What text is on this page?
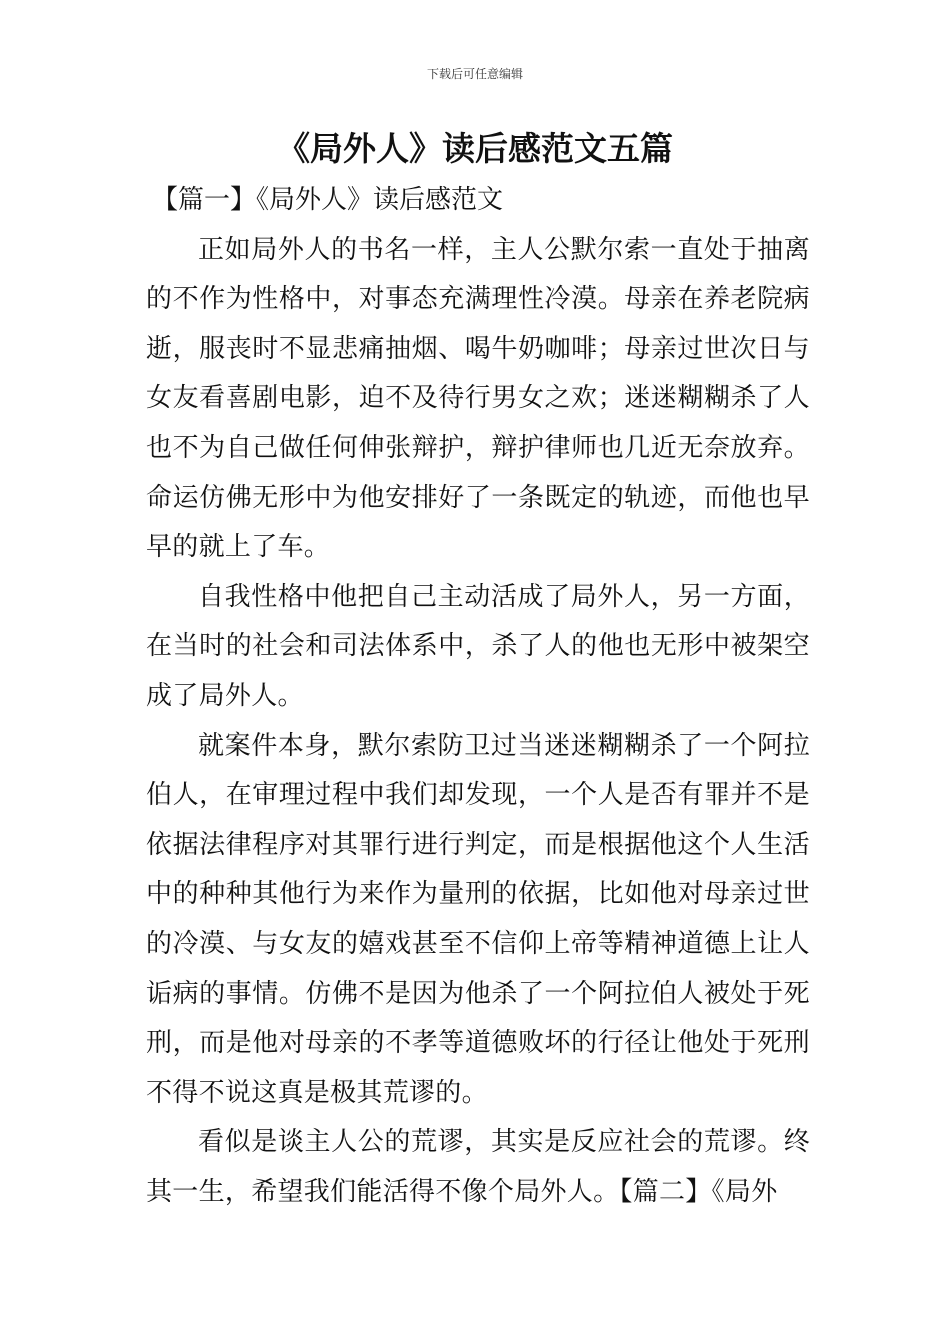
下载后可任意编辑
《局外人》读后感范文五篇
【篇一】《局外人》读后感范文

正如局外人的书名一样，主人公默尔索一直处于抽离的不作为性格中，对事态充满理性冷漠。母亲在养老院病逝，服丧时不显悲痛抽烟、喝牛奶咖啡；母亲过世次日与女友看喜剧电影，迫不及待行男女之欢；迷迷糊糊杀了人也不为自己做任何伸张辩护，辩护律师也几近无奈放弃。命运仿佛无形中为他安排好了一条既定的轨迹，而他也早早的就上了车。

自我性格中他把自己主动活成了局外人，另一方面，在当时的社会和司法体系中，杀了人的他也无形中被架空成了局外人。

就案件本身，默尔索防卫过当迷迷糊糊杀了一个阿拉伯人，在审理过程中我们却发现，一个人是否有罪并不是依据法律程序对其罪行进行判定，而是根据他这个人生活中的种种其他行为来作为量刑的依据，比如他对母亲过世的冷漠、与女友的嬉戏甚至不信仰上帝等精神道德上让人诟病的事情。仿佛不是因为他杀了一个阿拉伯人被处于死刑，而是他对母亲的不孝等道德败坏的行径让他处于死刑不得不说这真是极其荒谬的。

看似是谈主人公的荒谬，其实是反应社会的荒谬。终其一生，希望我们能活得不像个局外人。【篇二】《局外
